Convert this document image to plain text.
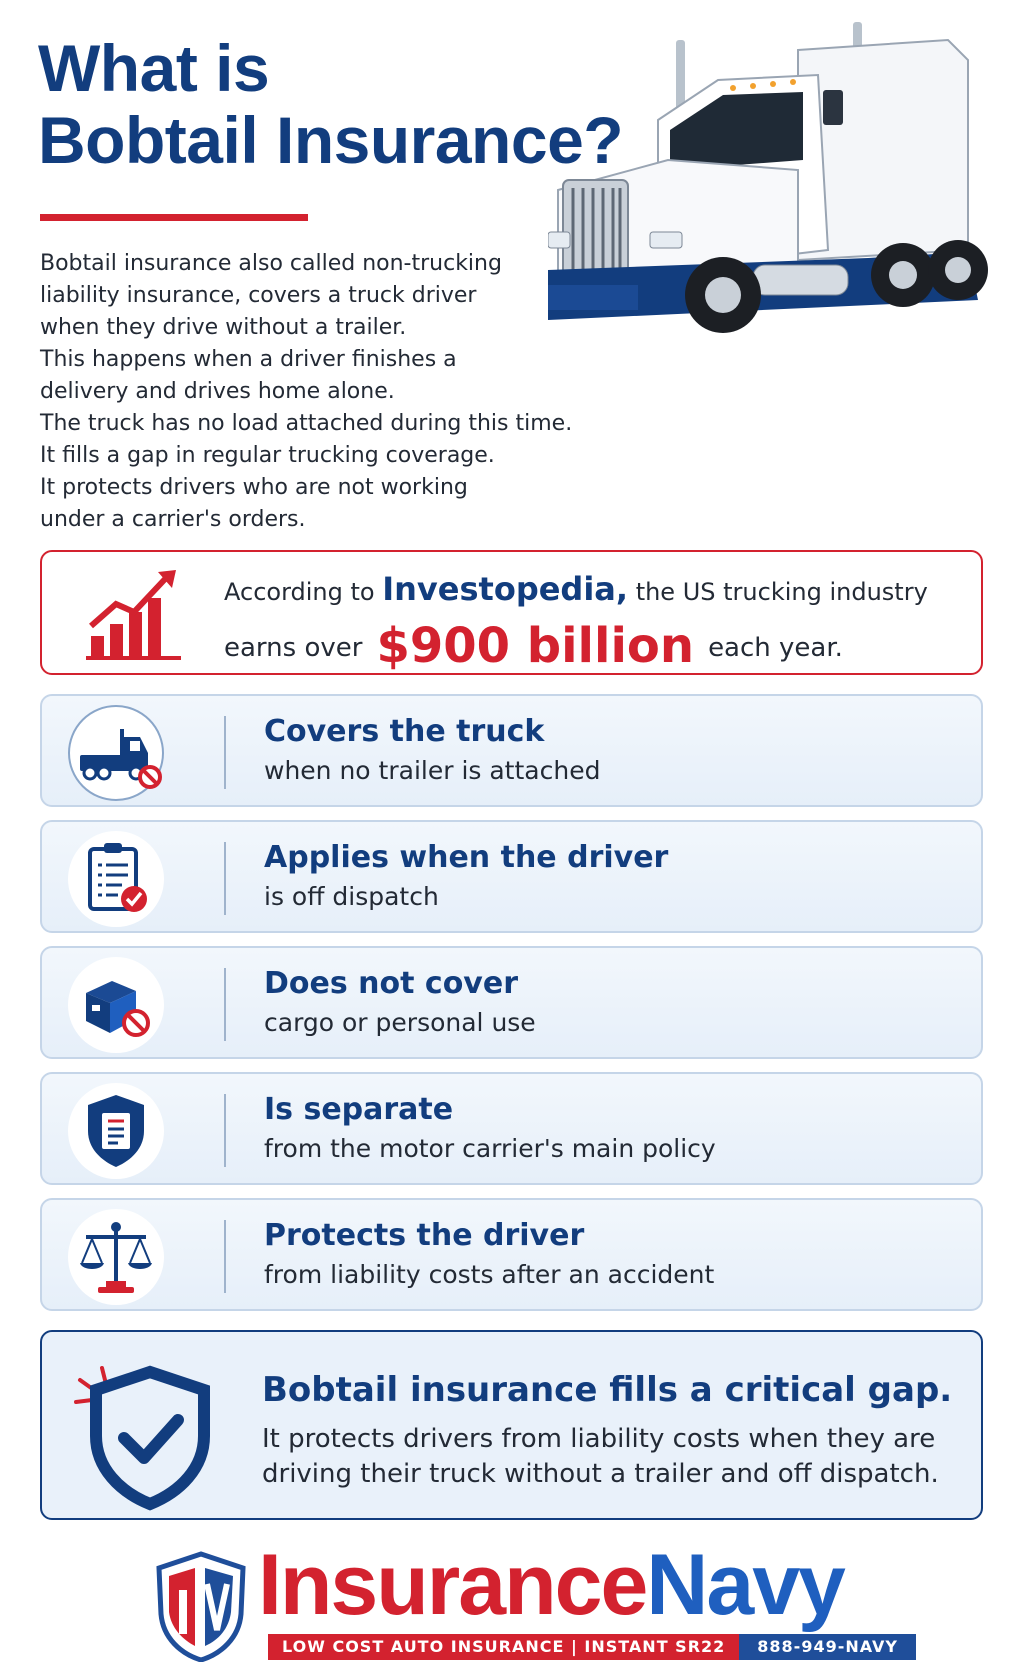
What is
Bobtail Insurance?

Bobtail insurance also called non-trucking

liability insurance, covers a truck driver

when they drive without a trailer.

This happens when a driver finishes a

delivery and drives home alone.

The truck has no load attached during this time.

It fills a gap in regular trucking coverage.

It protects drivers who are not working

under a carrier's orders.

According to Investopedia, the US trucking industry
earns over $900 billion each year.
Covers the truck
when no trailer is attached
Applies when the driver
is off dispatch
Does not cover
cargo or personal use
Is separate
from the motor carrier's main policy
Protects the driver
from liability costs after an accident
Bobtail insurance fills a critical gap.
It protects drivers from liability costs when they are
driving their truck without a trailer and off dispatch.
InsuranceNavy
LOW COST AUTO INSURANCE | INSTANT SR22	888-949-NAVY
